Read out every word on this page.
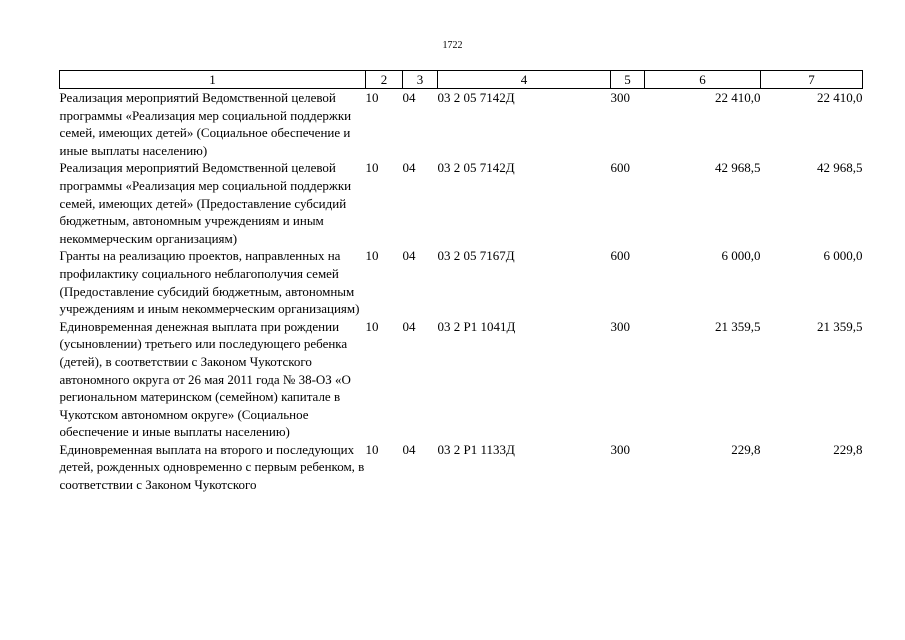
1722
1	2	3	4	5	6	7
Реализация мероприятий Ведомственной целевой программы «Реализация мер социальной поддержки семей, имеющих детей» (Социальное обеспечение и иные выплаты населению)	10	04	03 2 05 7142Д	300	22 410,0	22 410,0
Реализация мероприятий Ведомственной целевой программы «Реализация мер социальной поддержки семей, имеющих детей» (Предоставление субсидий бюджетным, автономным учреждениям и иным некоммерческим организациям)	10	04	03 2 05 7142Д	600	42 968,5	42 968,5
Гранты на реализацию проектов, направленных на профилактику социального неблагополучия семей (Предоставление субсидий бюджетным, автономным учреждениям и иным некоммерческим организациям)	10	04	03 2 05 7167Д	600	6 000,0	6 000,0
Единовременная денежная выплата при рождении (усыновлении) третьего или последующего ребенка (детей), в соответствии с Законом Чукотского автономного округа от 26 мая 2011 года № 38-ОЗ «О региональном материнском (семейном) капитале в Чукотском автономном округе» (Социальное обеспечение и иные выплаты населению)	10	04	03 2 P1 1041Д	300	21 359,5	21 359,5
Единовременная выплата на второго и последующих детей, рожденных одновременно с первым ребенком, в соответствии с Законом Чукотского	10	04	03 2 P1 1133Д	300	229,8	229,8
